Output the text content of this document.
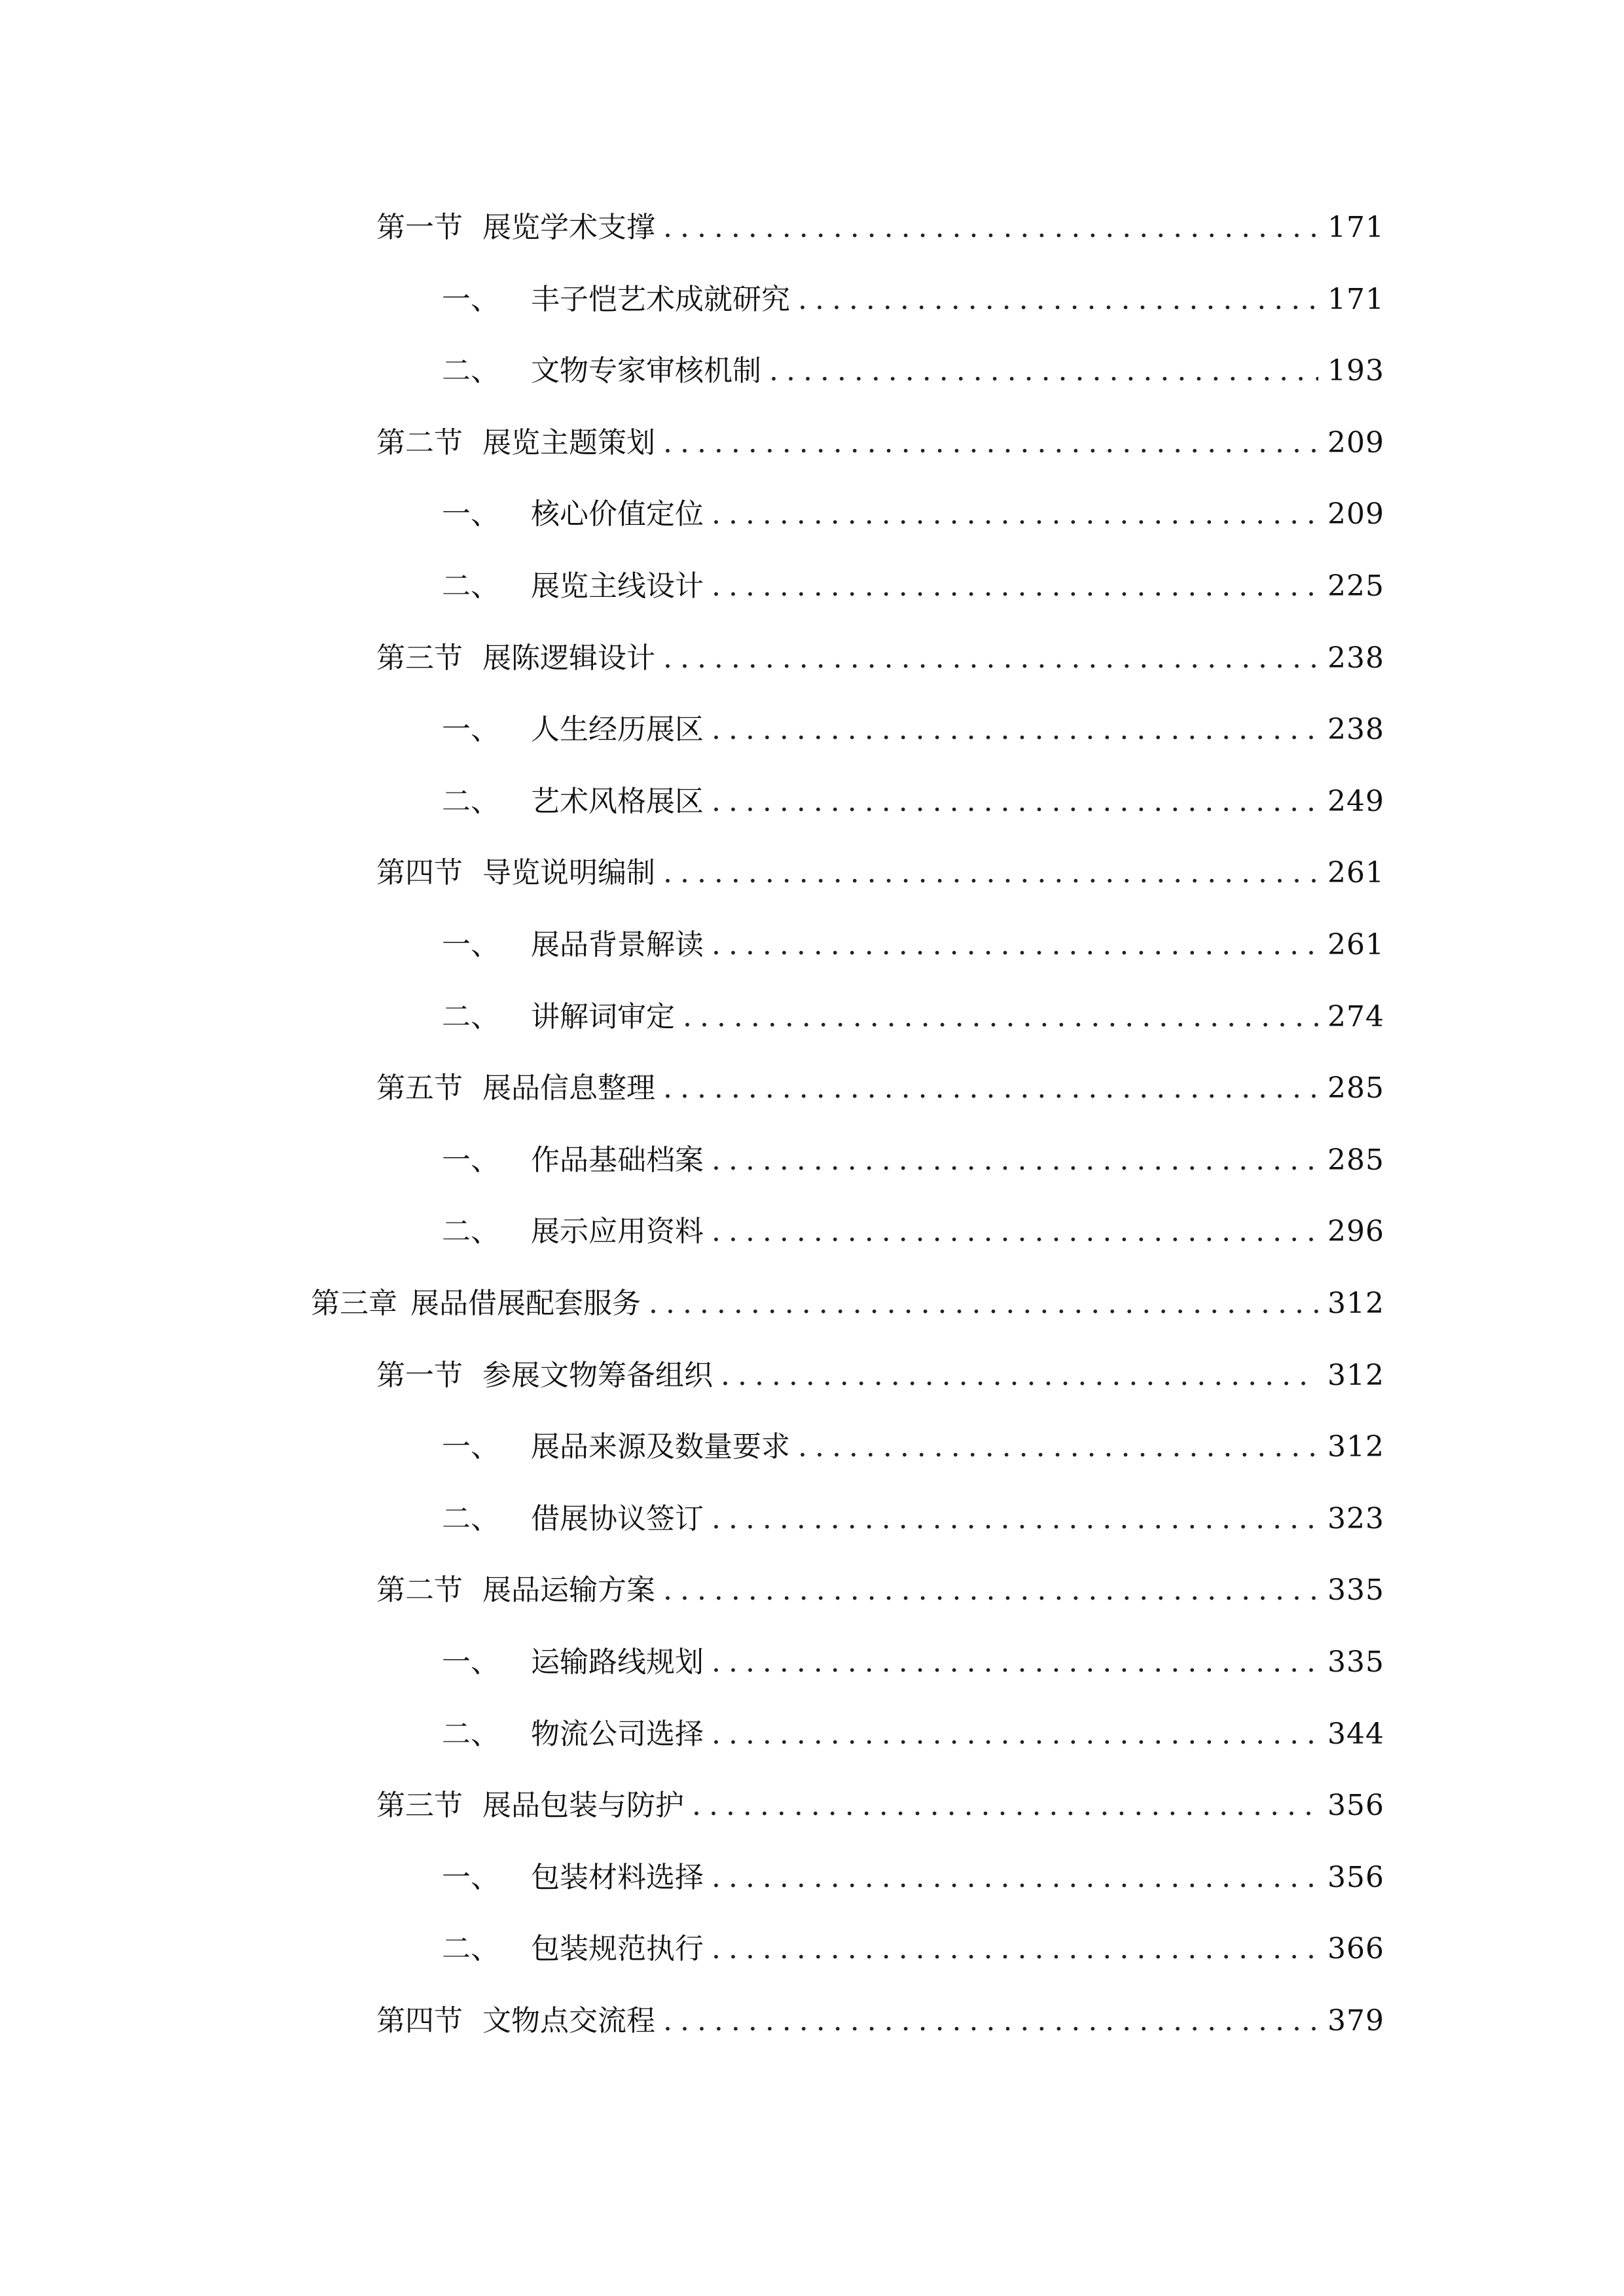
第一节 展览学术支撑 . . .	171
一、 丰子恺艺术成就研究 . . .	171
二、 文物专家审核机制 . . .	193
第二节 展览主题策划 . . .	209
一、 核心价值定位 . . .	209
二、 展览主线设计 . . .	225
第三节 展陈逻辑设计 . . .	238
一、 人生经历展区 . . .	238
二、 艺术风格展区 . . .	249
第四节 导览说明编制 . . .	261
一、 展品背景解读 . . .	261
二、 讲解词审定 . . .	274
第五节 展品信息整理 . . .	285
一、 作品基础档案 . . .	285
二、 展示应用资料 . . .	296
第三章 展品借展配套服务 . . .	312
第一节 参展文物筹备组织 . . .	312
一、 展品来源及数量要求 . . .	312
二、 借展协议签订 . . .	323
第二节 展品运输方案 . . .	335
一、 运输路线规划 . . .	335
二、 物流公司选择 . . .	344
第三节 展品包装与防护 . . .	356
一、 包装材料选择 . . .	356
二、 包装规范执行 . . .	366
第四节 文物点交流程 . . .	379
